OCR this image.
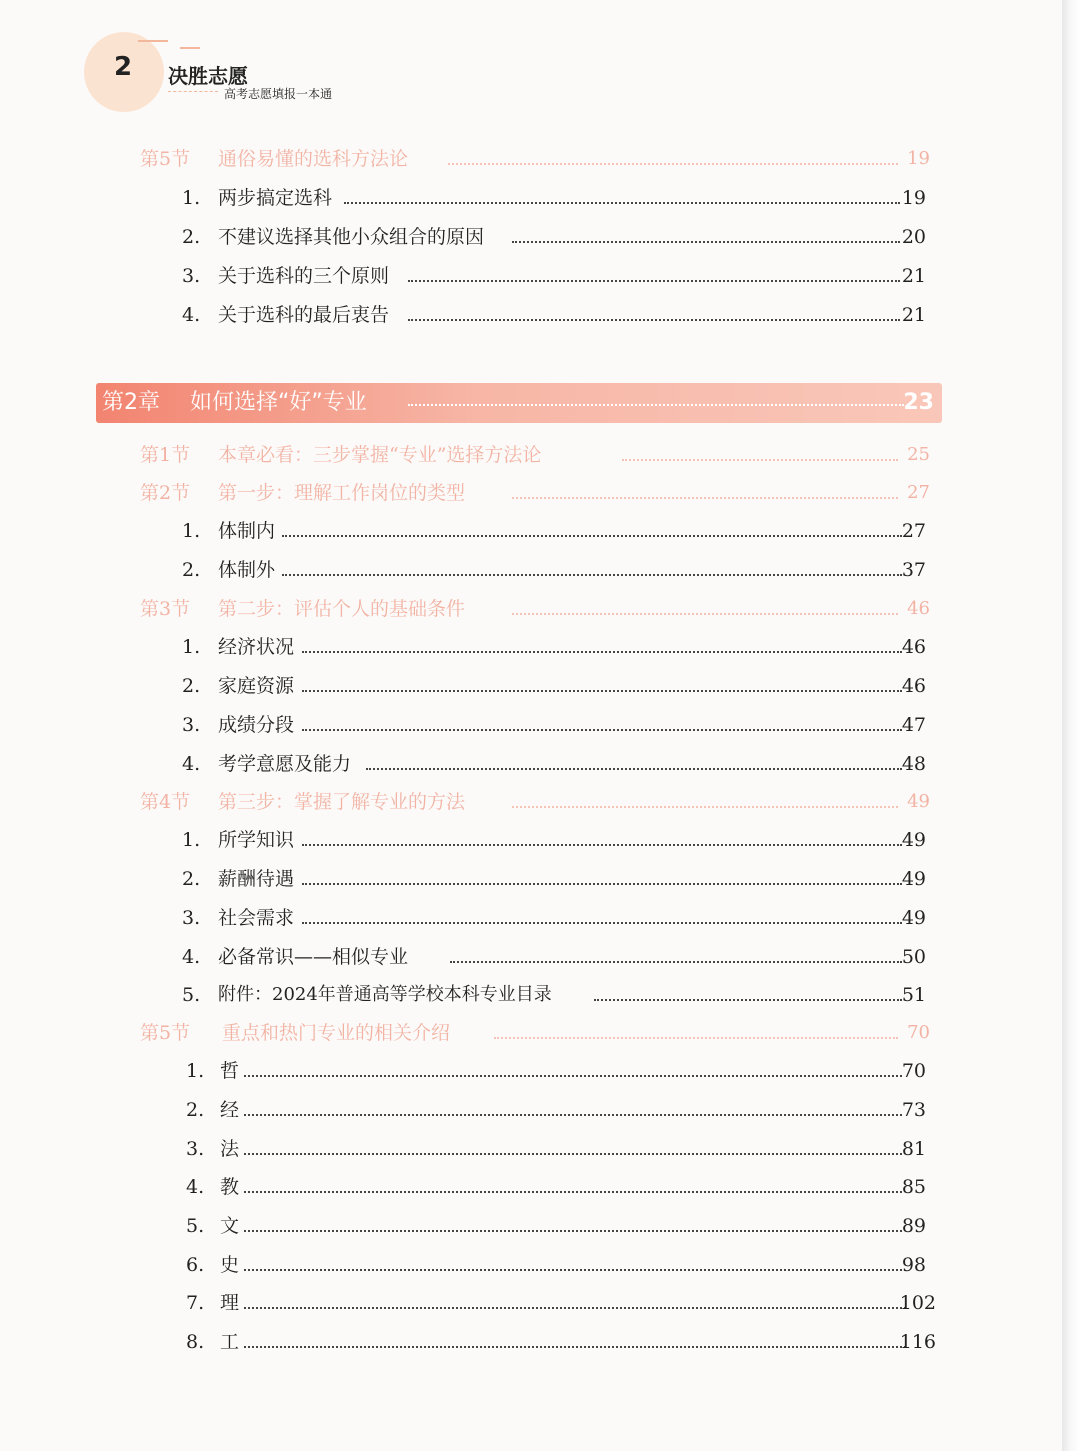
2	决胜志愿
高考志愿填报一本通
第5节 通俗易懂的选科方法论	19
1. 两步搞定选科	19
2. 不建议选择其他小众组合的原因	20
3. 关于选科的三个原则	21
4. 关于选科的最后衷告	21
第2章 如何选择“好”专业	23
第1节 本章必看：三步掌握“专业”选择方法论	25
第2节 第一步：理解工作岗位的类型	27
1. 体制内	27
2. 体制外	37
第3节 第二步：评估个人的基础条件	46
1. 经济状况	46
2. 家庭资源	46
3. 成绩分段	47
4. 考学意愿及能力	48
第4节 第三步：掌握了解专业的方法	49
1. 所学知识	49
2. 薪酬待遇	49
3. 社会需求	49
4. 必备常识——相似专业	50
5. 附件：2024年普通高等学校本科专业目录	51
第5节 重点和热门专业的相关介绍	70
1. 哲	70
2. 经	73
3. 法	81
4. 教	85
5. 文	89
6. 史	98
7. 理	102
8. 工	116
